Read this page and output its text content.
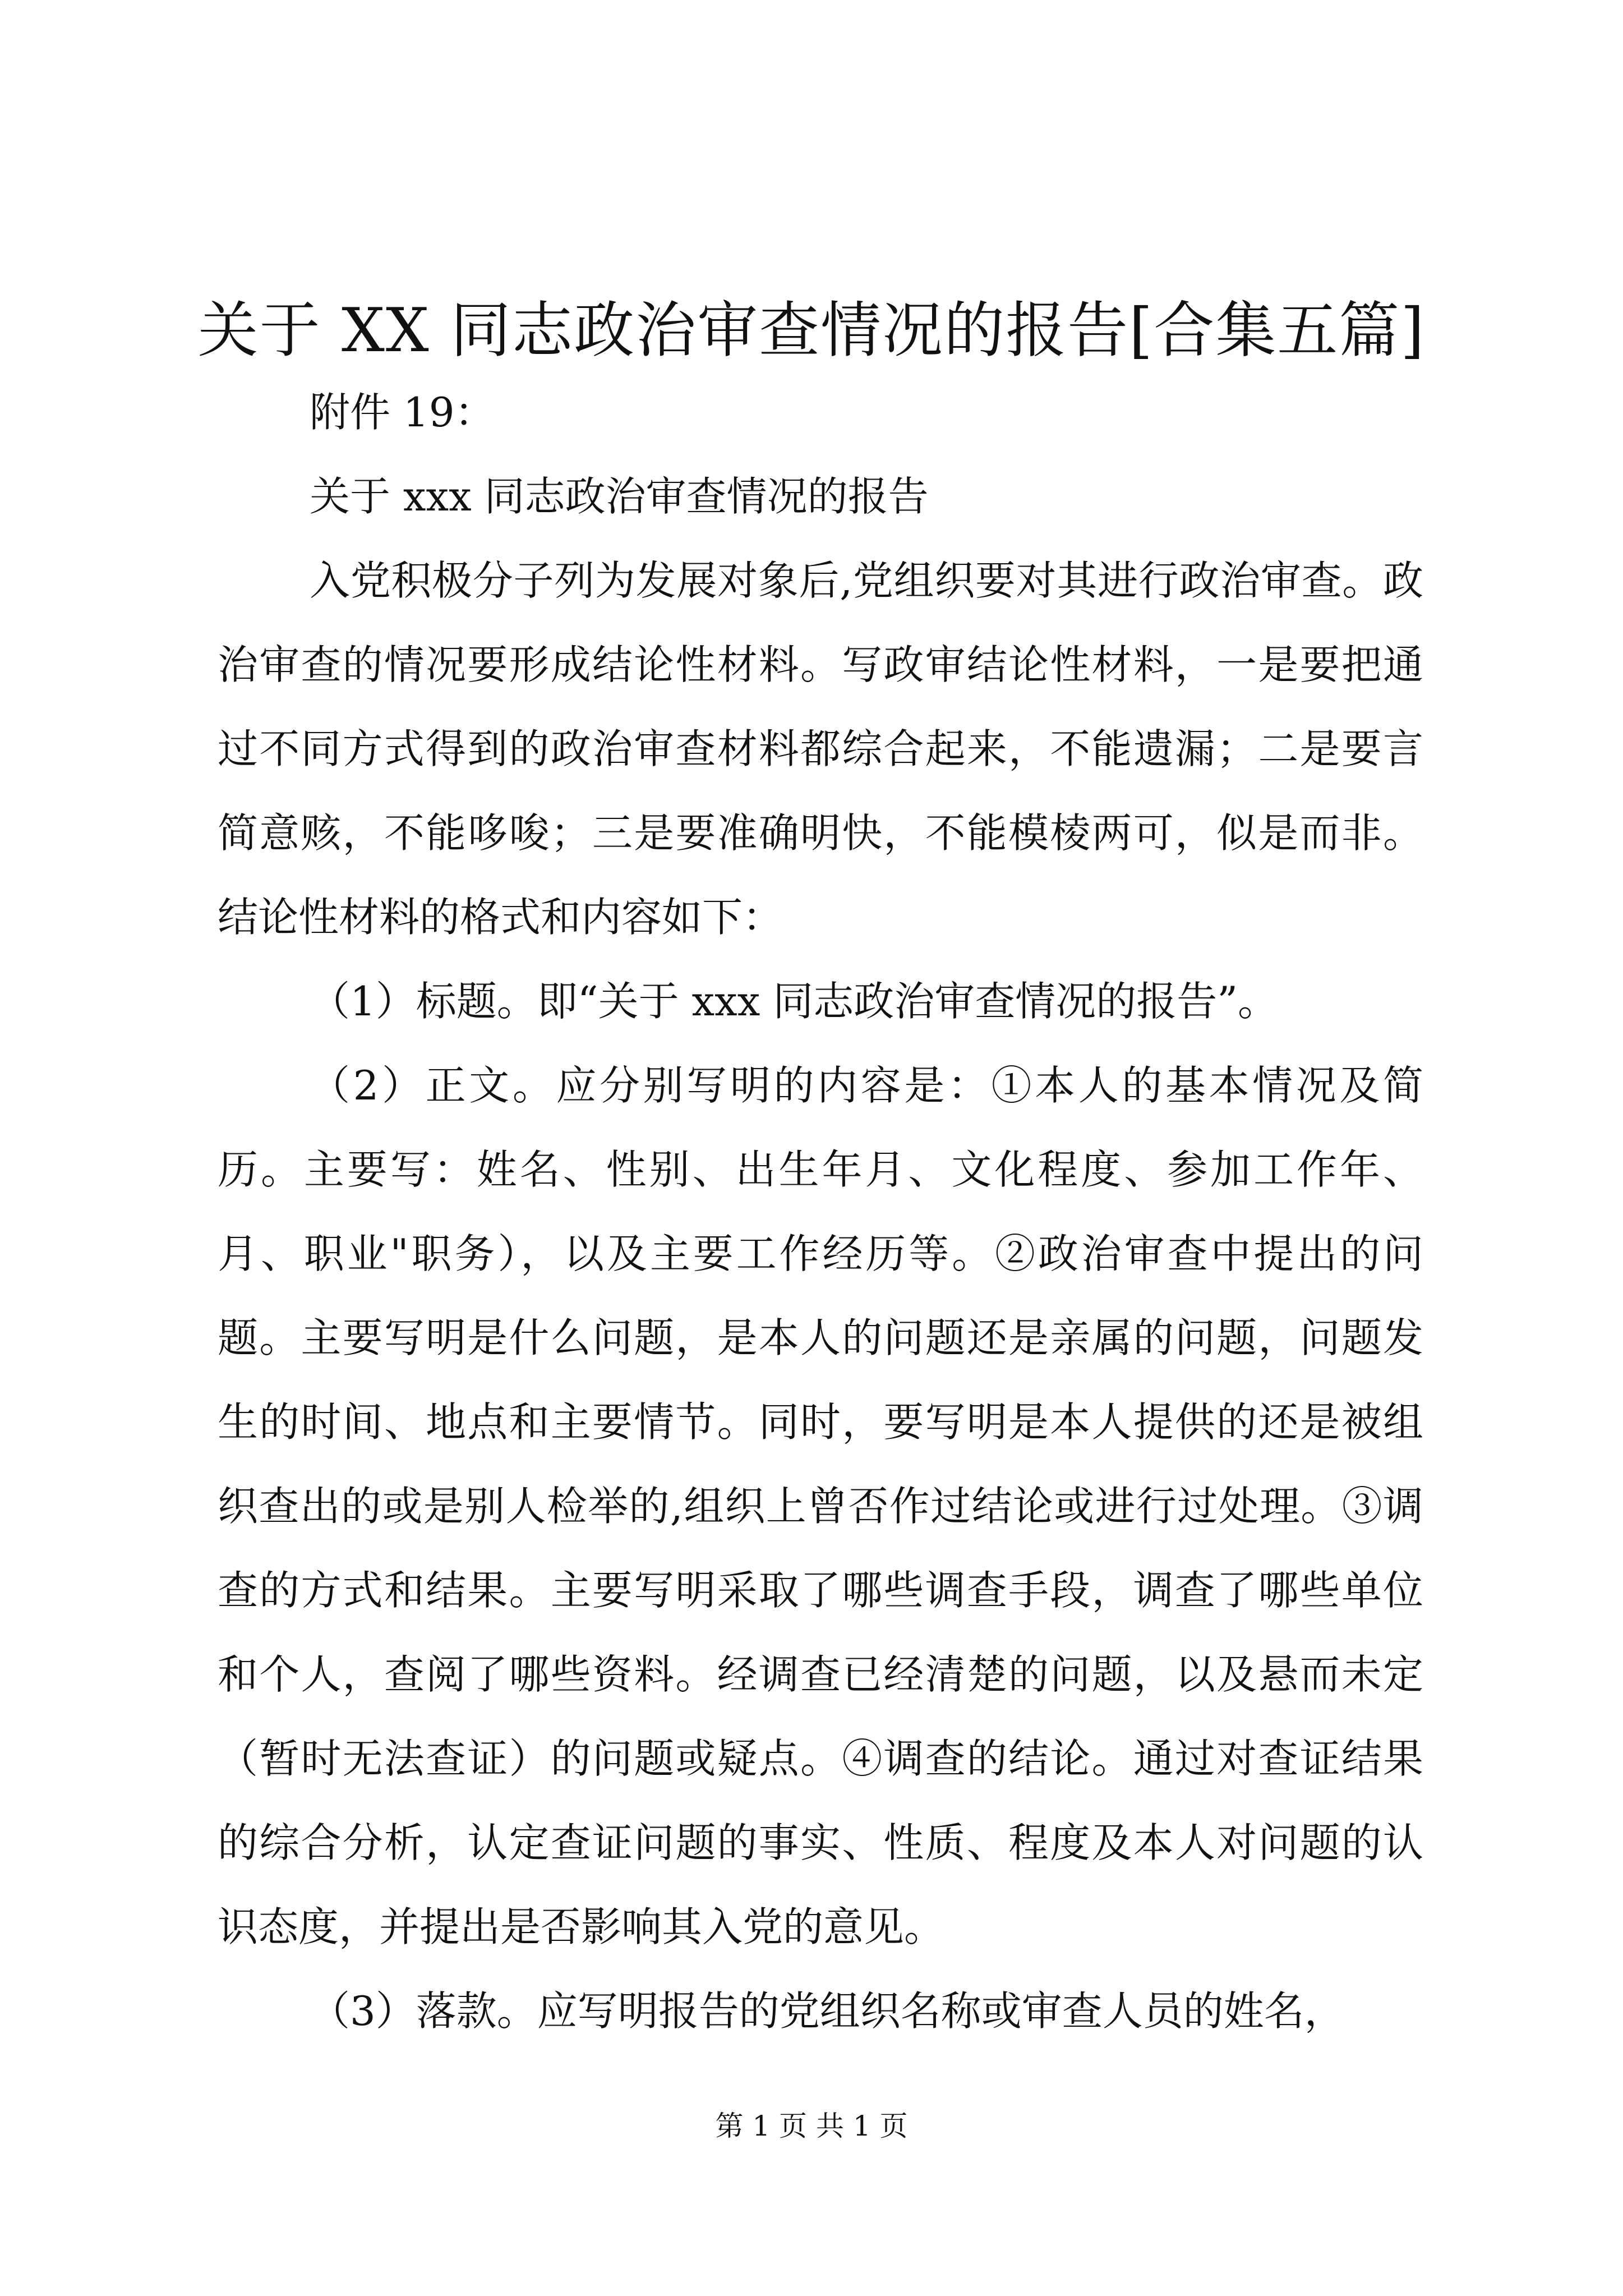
关于 XX 同志政治审查情况的报告[合集五篇]

附件 19：

关于 xxx 同志政治审查情况的报告

入党积极分子列为发展对象后,党组织要对其进行政治审查。政治审查的情况要形成结论性材料。写政审结论性材料，一是要把通过不同方式得到的政治审查材料都综合起来，不能遗漏；二是要言简意赅，不能哆唆；三是要准确明快，不能模棱两可，似是而非。结论性材料的格式和内容如下：

（1）标题。即“关于 xxx 同志政治审查情况的报告”。

（2）正文。应分别写明的内容是：①本人的基本情况及简历。主要写：姓名、性别、出生年月、文化程度、参加工作年、月、职业"职务），以及主要工作经历等。②政治审查中提出的问题。主要写明是什么问题，是本人的问题还是亲属的问题，问题发生的时间、地点和主要情节。同时，要写明是本人提供的还是被组织查出的或是别人检举的,组织上曾否作过结论或进行过处理。③调查的方式和结果。主要写明采取了哪些调查手段，调查了哪些单位和个人，查阅了哪些资料。经调查已经清楚的问题，以及悬而未定（暂时无法查证）的问题或疑点。④调查的结论。通过对查证结果的综合分析，认定查证问题的事实、性质、程度及本人对问题的认识态度，并提出是否影响其入党的意见。

（3）落款。应写明报告的党组织名称或审查人员的姓名，

第 1 页 共 1 页
